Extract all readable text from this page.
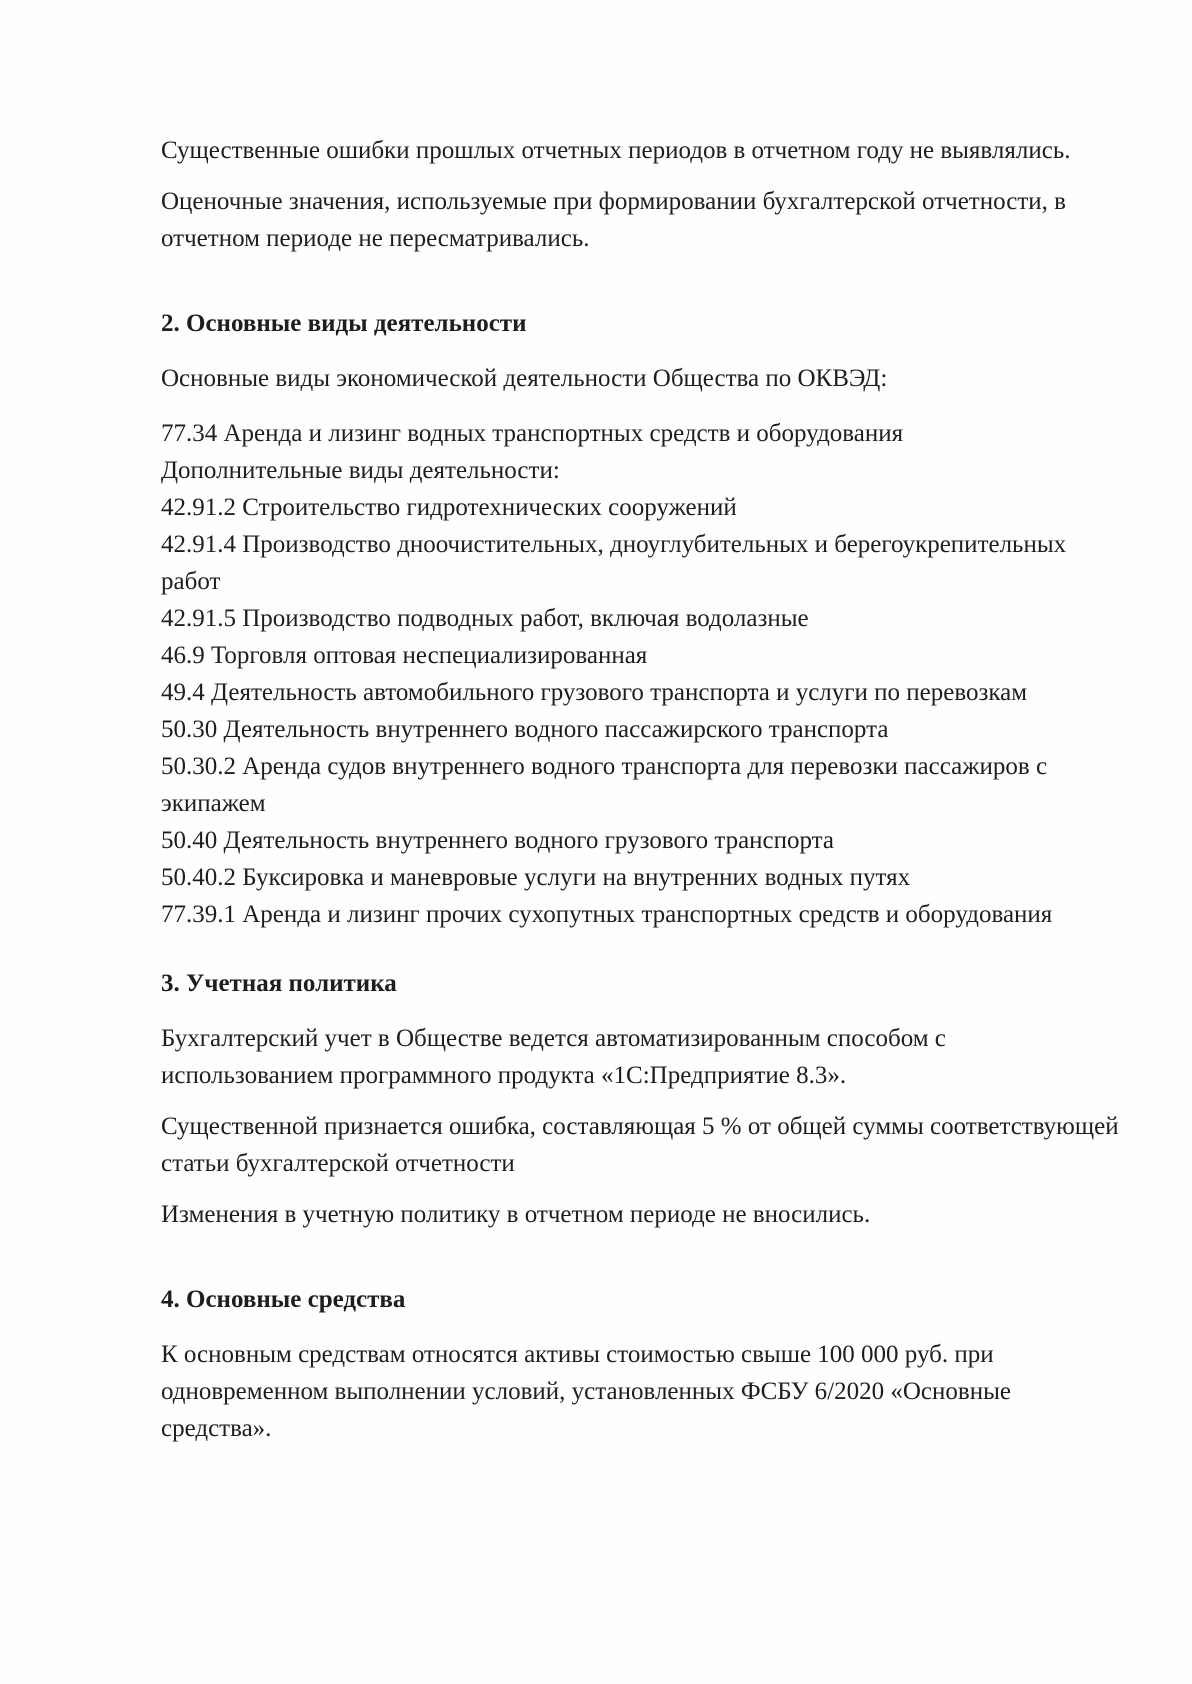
Существенные ошибки прошлых отчетных периодов в отчетном году не выявлялись.

Оценочные значения, используемые при формировании бухгалтерской отчетности, в отчетном периоде не пересматривались.

2. Основные виды деятельности

Основные виды экономической деятельности Общества по ОКВЭД:

77.34 Аренда и лизинг водных транспортных средств и оборудования
Дополнительные виды деятельности:
42.91.2 Строительство гидротехнических сооружений
42.91.4 Производство дноочистительных, дноуглубительных и берегоукрепительных работ
42.91.5 Производство подводных работ, включая водолазные
46.9 Торговля оптовая неспециализированная
49.4 Деятельность автомобильного грузового транспорта и услуги по перевозкам
50.30 Деятельность внутреннего водного пассажирского транспорта
50.30.2 Аренда судов внутреннего водного транспорта для перевозки пассажиров с экипажем
50.40 Деятельность внутреннего водного грузового транспорта
50.40.2 Буксировка и маневровые услуги на внутренних водных путях
77.39.1 Аренда и лизинг прочих сухопутных транспортных средств и оборудования
3. Учетная политика

Бухгалтерский учет в Обществе ведется автоматизированным способом с использованием программного продукта «1С:Предприятие 8.3».

Существенной признается ошибка, составляющая 5 % от общей суммы соответствующей статьи бухгалтерской отчетности

Изменения в учетную политику в отчетном периоде не вносились.

4. Основные средства

К основным средствам относятся активы стоимостью свыше 100 000 руб. при одновременном выполнении условий, установленных ФСБУ 6/2020 «Основные средства».
